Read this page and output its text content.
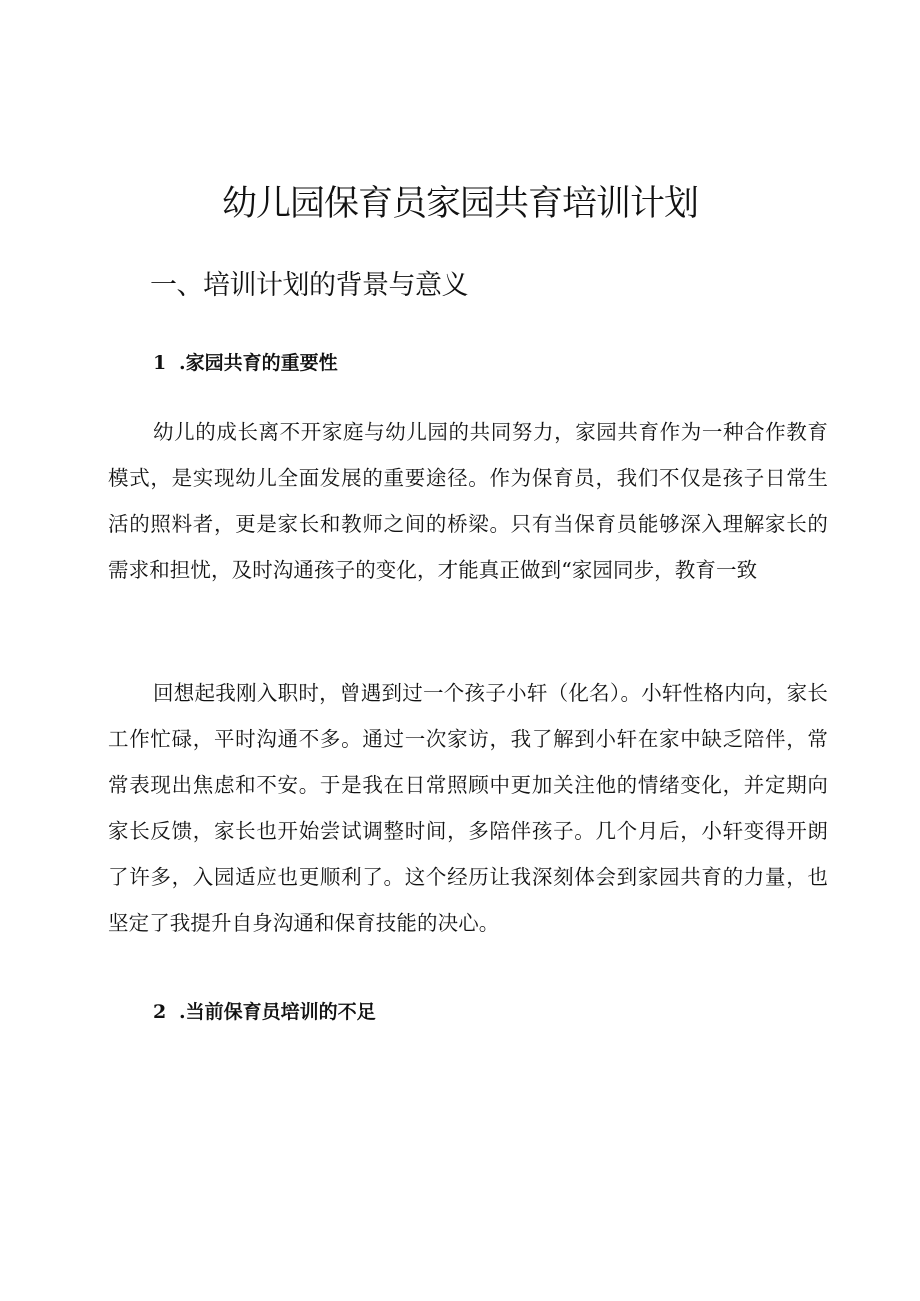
幼儿园保育员家园共育培训计划
一、培训计划的背景与意义
1 .家园共育的重要性

幼儿的成长离不开家庭与幼儿园的共同努力，家园共育作为一种合作教育模式，是实现幼儿全面发展的重要途径。作为保育员，我们不仅是孩子日常生活的照料者，更是家长和教师之间的桥梁。只有当保育员能够深入理解家长的需求和担忧，及时沟通孩子的变化，才能真正做到“家园同步，教育一致

回想起我刚入职时，曾遇到过一个孩子小轩（化名）。小轩性格内向，家长工作忙碌，平时沟通不多。通过一次家访，我了解到小轩在家中缺乏陪伴，常常表现出焦虑和不安。于是我在日常照顾中更加关注他的情绪变化，并定期向家长反馈，家长也开始尝试调整时间，多陪伴孩子。几个月后，小轩变得开朗了许多，入园适应也更顺利了。这个经历让我深刻体会到家园共育的力量，也坚定了我提升自身沟通和保育技能的决心。

2 .当前保育员培训的不足
